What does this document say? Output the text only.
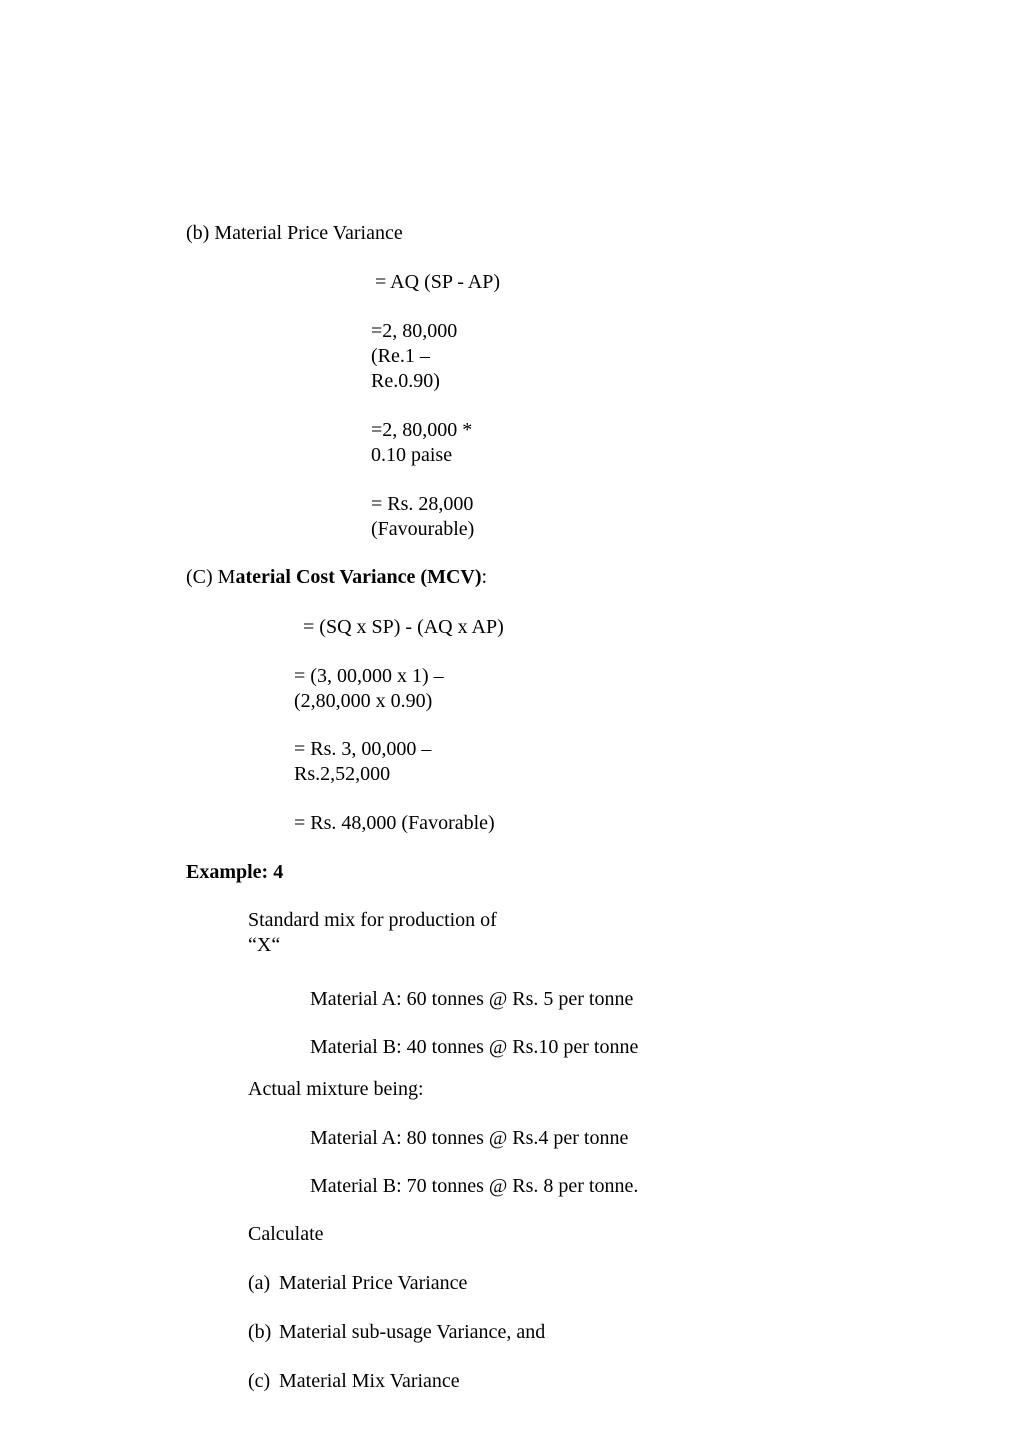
(b) Material Price Variance
= AQ (SP - AP)
=2, 80,000
(Re.1 –
Re.0.90)
=2, 80,000 *
0.10 paise
= Rs. 28,000
(Favourable)
(C) Material Cost Variance (MCV):
= (SQ x SP) - (AQ x AP)
= (3, 00,000 x 1) –
(2,80,000 x 0.90)
= Rs. 3, 00,000 –
Rs.2,52,000
= Rs. 48,000 (Favorable)
Example: 4
Standard mix for production of
“X“
Material A: 60 tonnes @ Rs. 5 per tonne
Material B: 40 tonnes @ Rs.10 per tonne
Actual mixture being:
Material A: 80 tonnes @ Rs.4 per tonne
Material B: 70 tonnes @ Rs. 8 per tonne.
Calculate
(a) Material Price Variance
(b) Material sub-usage Variance, and
(c) Material Mix Variance
